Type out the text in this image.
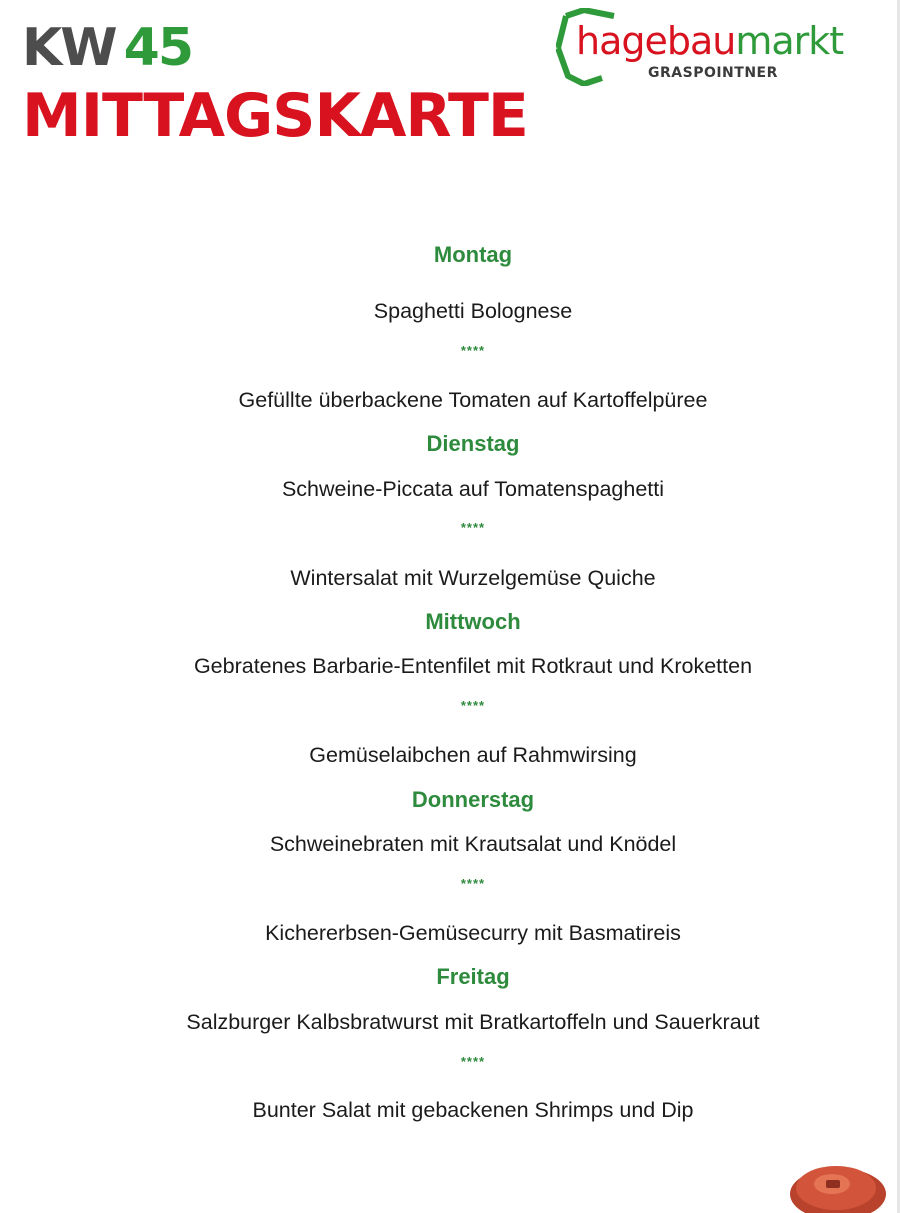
KW 45
MITTAGSKARTE
hagebaumarkt
GRASPOINTNER
Montag
Spaghetti Bolognese
****
Gefüllte überbackene Tomaten auf Kartoffelpüree
Dienstag
Schweine-Piccata auf Tomatenspaghetti
****
Wintersalat mit Wurzelgemüse Quiche
Mittwoch
Gebratenes Barbarie-Entenfilet mit Rotkraut und Kroketten
****
Gemüselaibchen auf Rahmwirsing
Donnerstag
Schweinebraten mit Krautsalat und Knödel
****
Kichererbsen-Gemüsecurry mit Basmatireis
Freitag
Salzburger Kalbsbratwurst mit Bratkartoffeln und Sauerkraut
****
Bunter Salat mit gebackenen Shrimps und Dip
